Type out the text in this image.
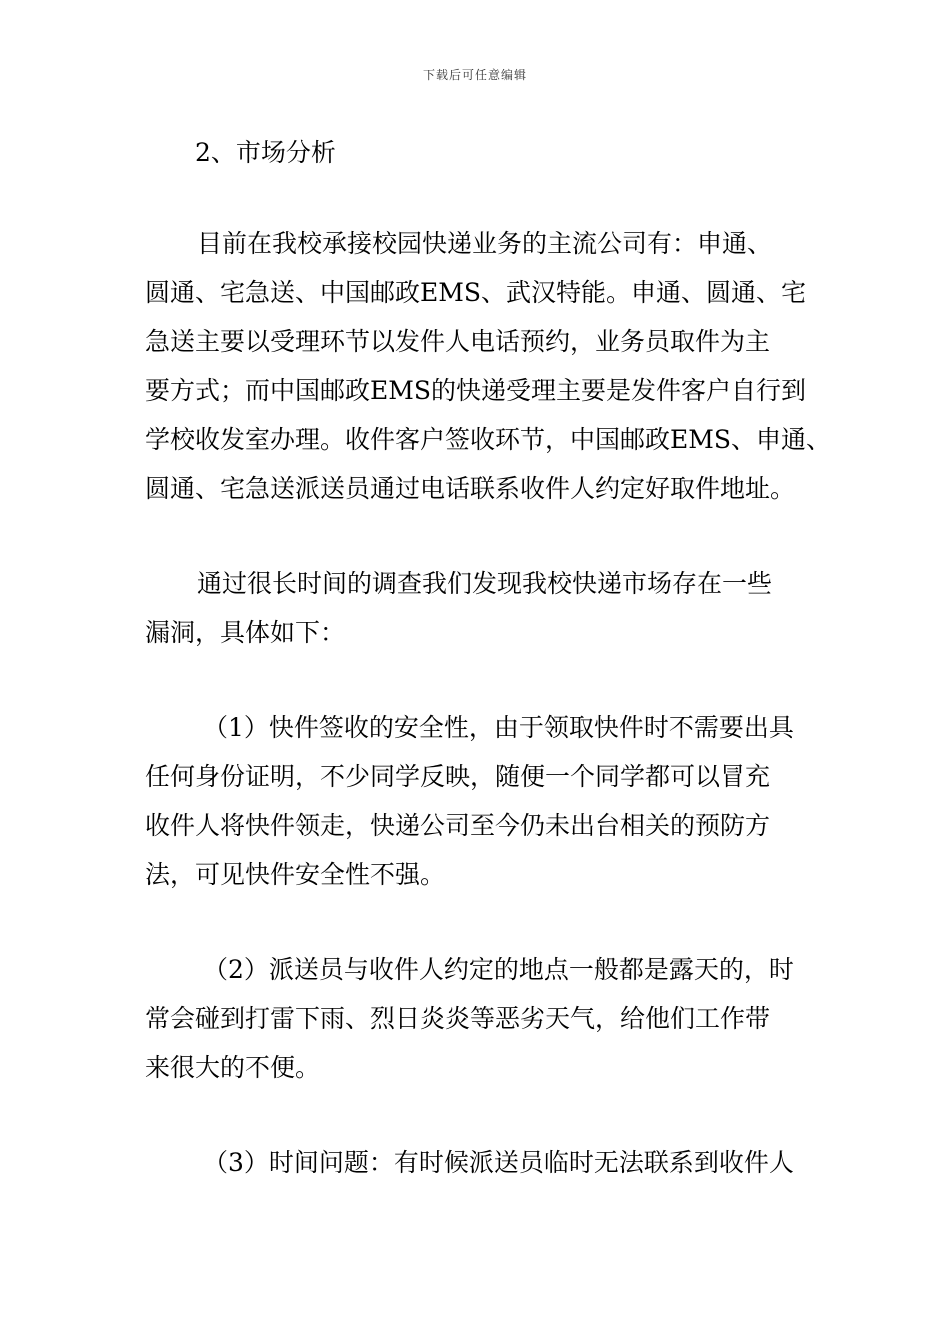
下载后可任意编辑
2、市场分析
目前在我校承接校园快递业务的主流公司有：申通、
圆通、宅急送、中国邮政EMS、武汉特能。申通、圆通、宅
急送主要以受理环节以发件人电话预约，业务员取件为主
要方式；而中国邮政EMS的快递受理主要是发件客户自行到
学校收发室办理。收件客户签收环节，中国邮政EMS、申通、
圆通、宅急送派送员通过电话联系收件人约定好取件地址。
通过很长时间的调查我们发现我校快递市场存在一些
漏洞，具体如下：
（1）快件签收的安全性，由于领取快件时不需要出具
任何身份证明，不少同学反映，随便一个同学都可以冒充
收件人将快件领走，快递公司至今仍未出台相关的预防方
法，可见快件安全性不强。
（2）派送员与收件人约定的地点一般都是露天的，时
常会碰到打雷下雨、烈日炎炎等恶劣天气，给他们工作带
来很大的不便。
（3）时间问题：有时候派送员临时无法联系到收件人
